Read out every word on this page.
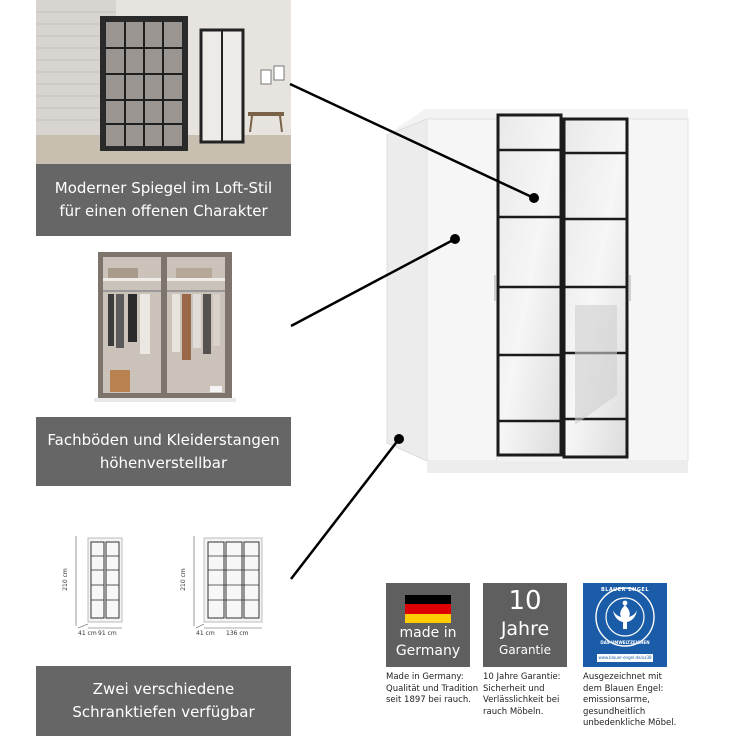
Moderner Spiegel im Loft-Stil
für einen offenen Charakter
Fachböden und Kleiderstangen
höhenverstellbar
210 cm
41 cm 91 cm
210 cm
41 cm 136 cm
Zwei verschiedene
Schranktiefen verfügbar
made in
Germany
10
Jahre
Garantie
BLAUER ENGEL
DAS UMWELTZEICHEN
www.blauer-engel.de/uz38
Made in Germany:
Qualität und Tradition
seit 1897 bei rauch.
10 Jahre Garantie:
Sicherheit und
Verlässlichkeit bei
rauch Möbeln.
Ausgezeichnet mit
dem Blauen Engel:
emissionsarme,
gesundheitlich
unbedenkliche Möbel.
